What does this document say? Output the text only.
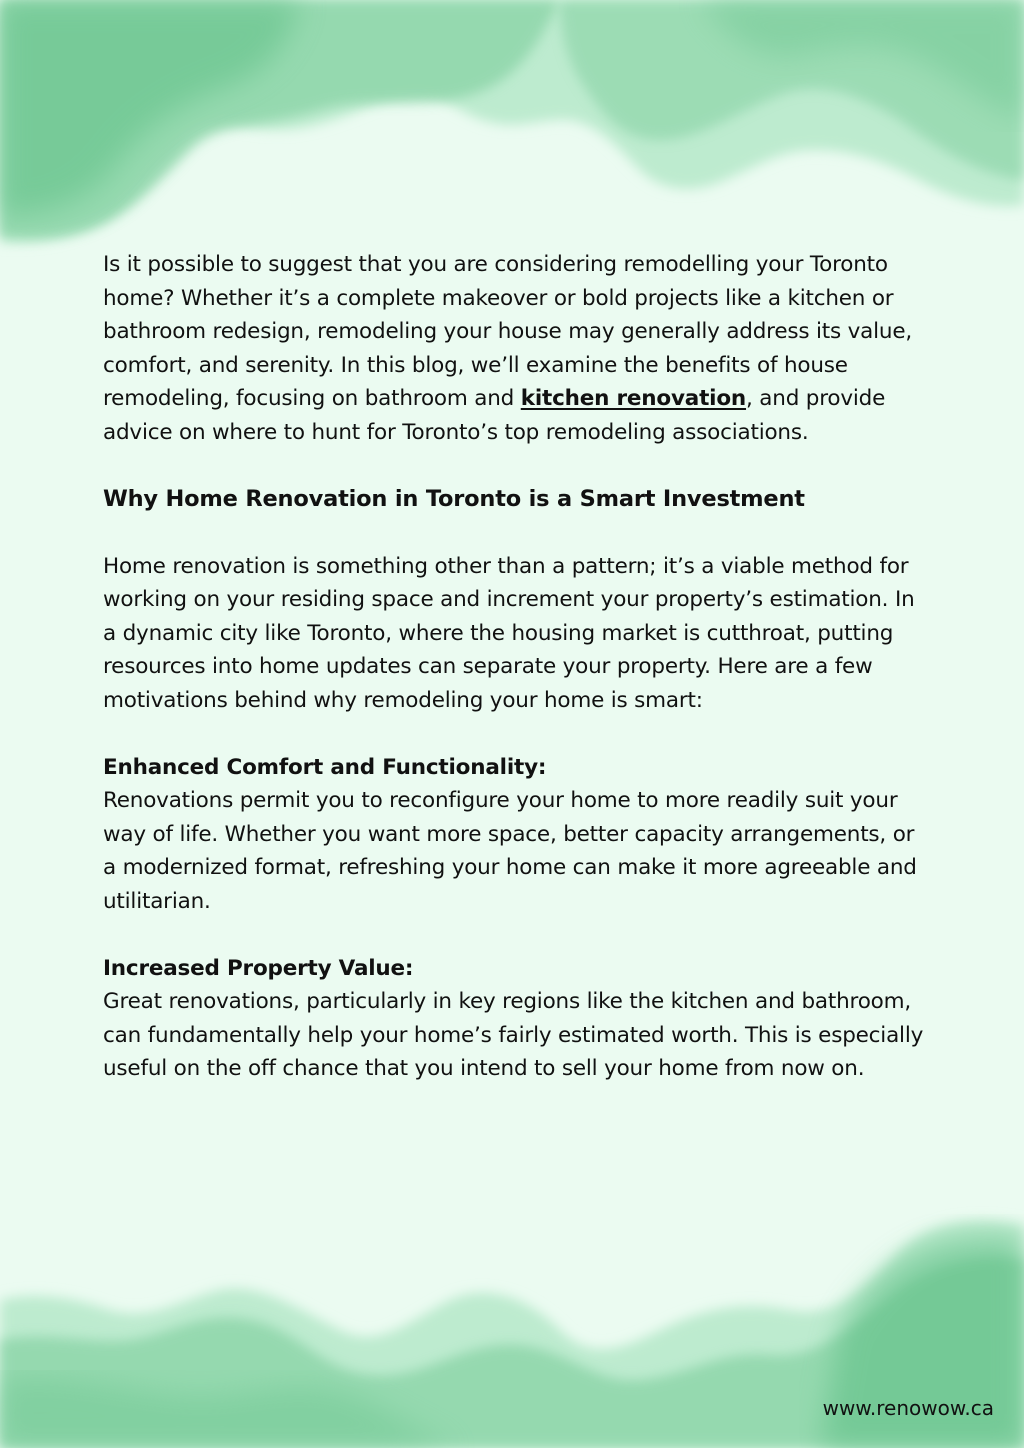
Is it possible to suggest that you are considering remodelling your Toronto home? Whether it’s a complete makeover or bold projects like a kitchen or bathroom redesign, remodeling your house may generally address its value, comfort, and serenity. In this blog, we’ll examine the benefits of house remodeling, focusing on bathroom and kitchen renovation, and provide advice on where to hunt for Toronto’s top remodeling associations.

Why Home Renovation in Toronto is a Smart Investment

Home renovation is something other than a pattern; it’s a viable method for working on your residing space and increment your property’s estimation. In a dynamic city like Toronto, where the housing market is cutthroat, putting resources into home updates can separate your property. Here are a few motivations behind why remodeling your home is smart:

Enhanced Comfort and Functionality:

Renovations permit you to reconfigure your home to more readily suit your way of life. Whether you want more space, better capacity arrangements, or a modernized format, refreshing your home can make it more agreeable and utilitarian.

Increased Property Value:

Great renovations, particularly in key regions like the kitchen and bathroom, can fundamentally help your home’s fairly estimated worth. This is especially useful on the off chance that you intend to sell your home from now on.

www.renowow.ca
